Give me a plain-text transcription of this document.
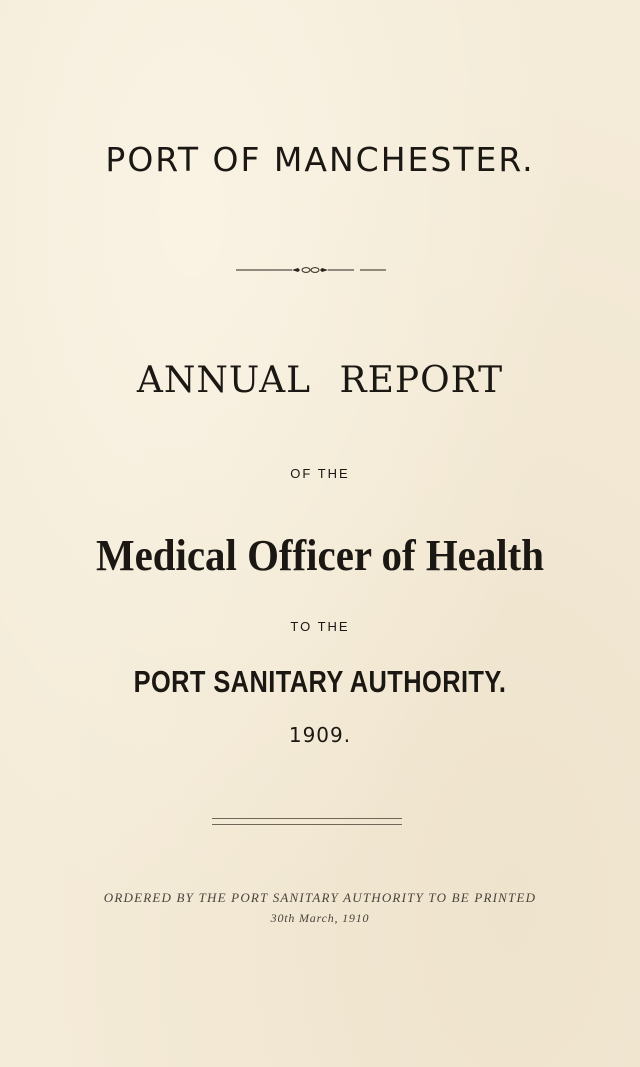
PORT OF MANCHESTER.
ANNUAL REPORT
OF THE
Medical Officer of Health
TO THE
PORT SANITARY AUTHORITY.
1909.
ORDERED BY THE PORT SANITARY AUTHORITY TO BE PRINTED
30th March, 1910
